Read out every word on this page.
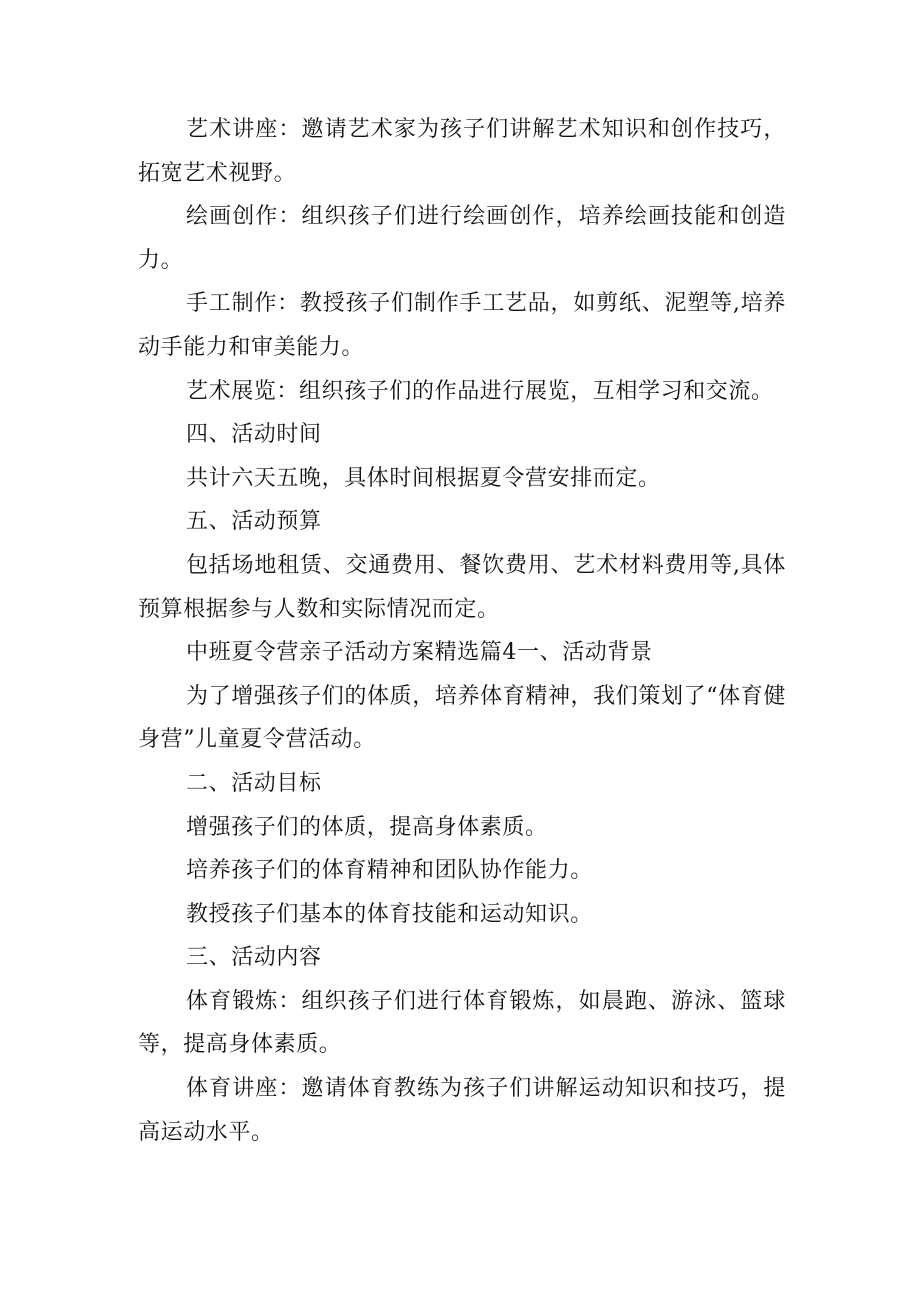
艺术讲座：邀请艺术家为孩子们讲解艺术知识和创作技巧，拓宽艺术视野。

绘画创作：组织孩子们进行绘画创作，培养绘画技能和创造力。

手工制作：教授孩子们制作手工艺品，如剪纸、泥塑等,培养动手能力和审美能力。

艺术展览：组织孩子们的作品进行展览，互相学习和交流。

四、活动时间

共计六天五晚，具体时间根据夏令营安排而定。

五、活动预算

包括场地租赁、交通费用、餐饮费用、艺术材料费用等,具体预算根据参与人数和实际情况而定。

中班夏令营亲子活动方案精选篇4一、活动背景

为了增强孩子们的体质，培养体育精神，我们策划了“体育健身营”儿童夏令营活动。

二、活动目标

增强孩子们的体质，提高身体素质。

培养孩子们的体育精神和团队协作能力。

教授孩子们基本的体育技能和运动知识。

三、活动内容

体育锻炼：组织孩子们进行体育锻炼，如晨跑、游泳、篮球等，提高身体素质。

体育讲座：邀请体育教练为孩子们讲解运动知识和技巧，提高运动水平。
